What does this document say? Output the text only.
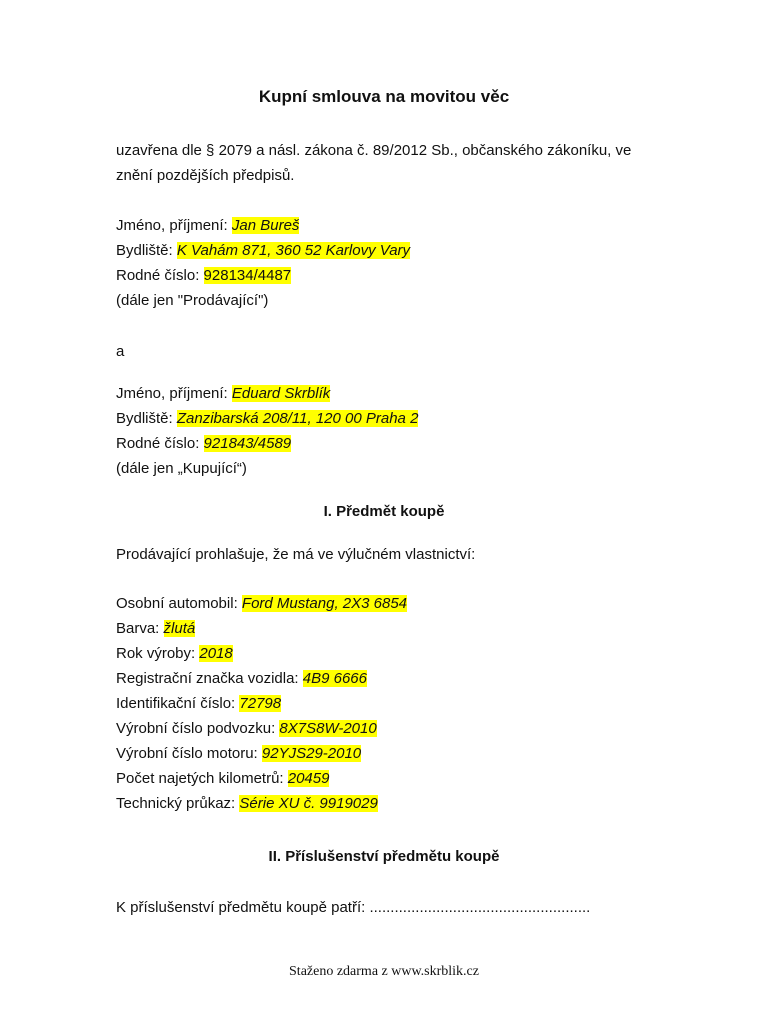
Kupní smlouva na movitou věc
uzavřena dle § 2079 a násl. zákona č. 89/2012 Sb., občanského zákoníku, ve
znění pozdějších předpisů.
Jméno, příjmení: Jan Bureš
Bydliště: K Vahám 871, 360 52 Karlovy Vary
Rodné číslo: 928134/4487
(dále jen "Prodávající")
a
Jméno, příjmení: Eduard Skrblík
Bydliště: Zanzibarská 208/11, 120 00 Praha 2
Rodné číslo: 921843/4589
(dále jen „Kupující“)
I. Předmět koupě
Prodávající prohlašuje, že má ve výlučném vlastnictví:
Osobní automobil: Ford Mustang, 2X3 6854
Barva: žlutá
Rok výroby: 2018
Registrační značka vozidla: 4B9 6666
Identifikační číslo: 72798
Výrobní číslo podvozku: 8X7S8W-2010
Výrobní číslo motoru: 92YJS29-2010
Počet najetých kilometrů: 20459
Technický průkaz: Série XU č. 9919029
II. Příslušenství předmětu koupě
K příslušenství předmětu koupě patří: .....................................................
Staženo zdarma z www.skrblik.cz
